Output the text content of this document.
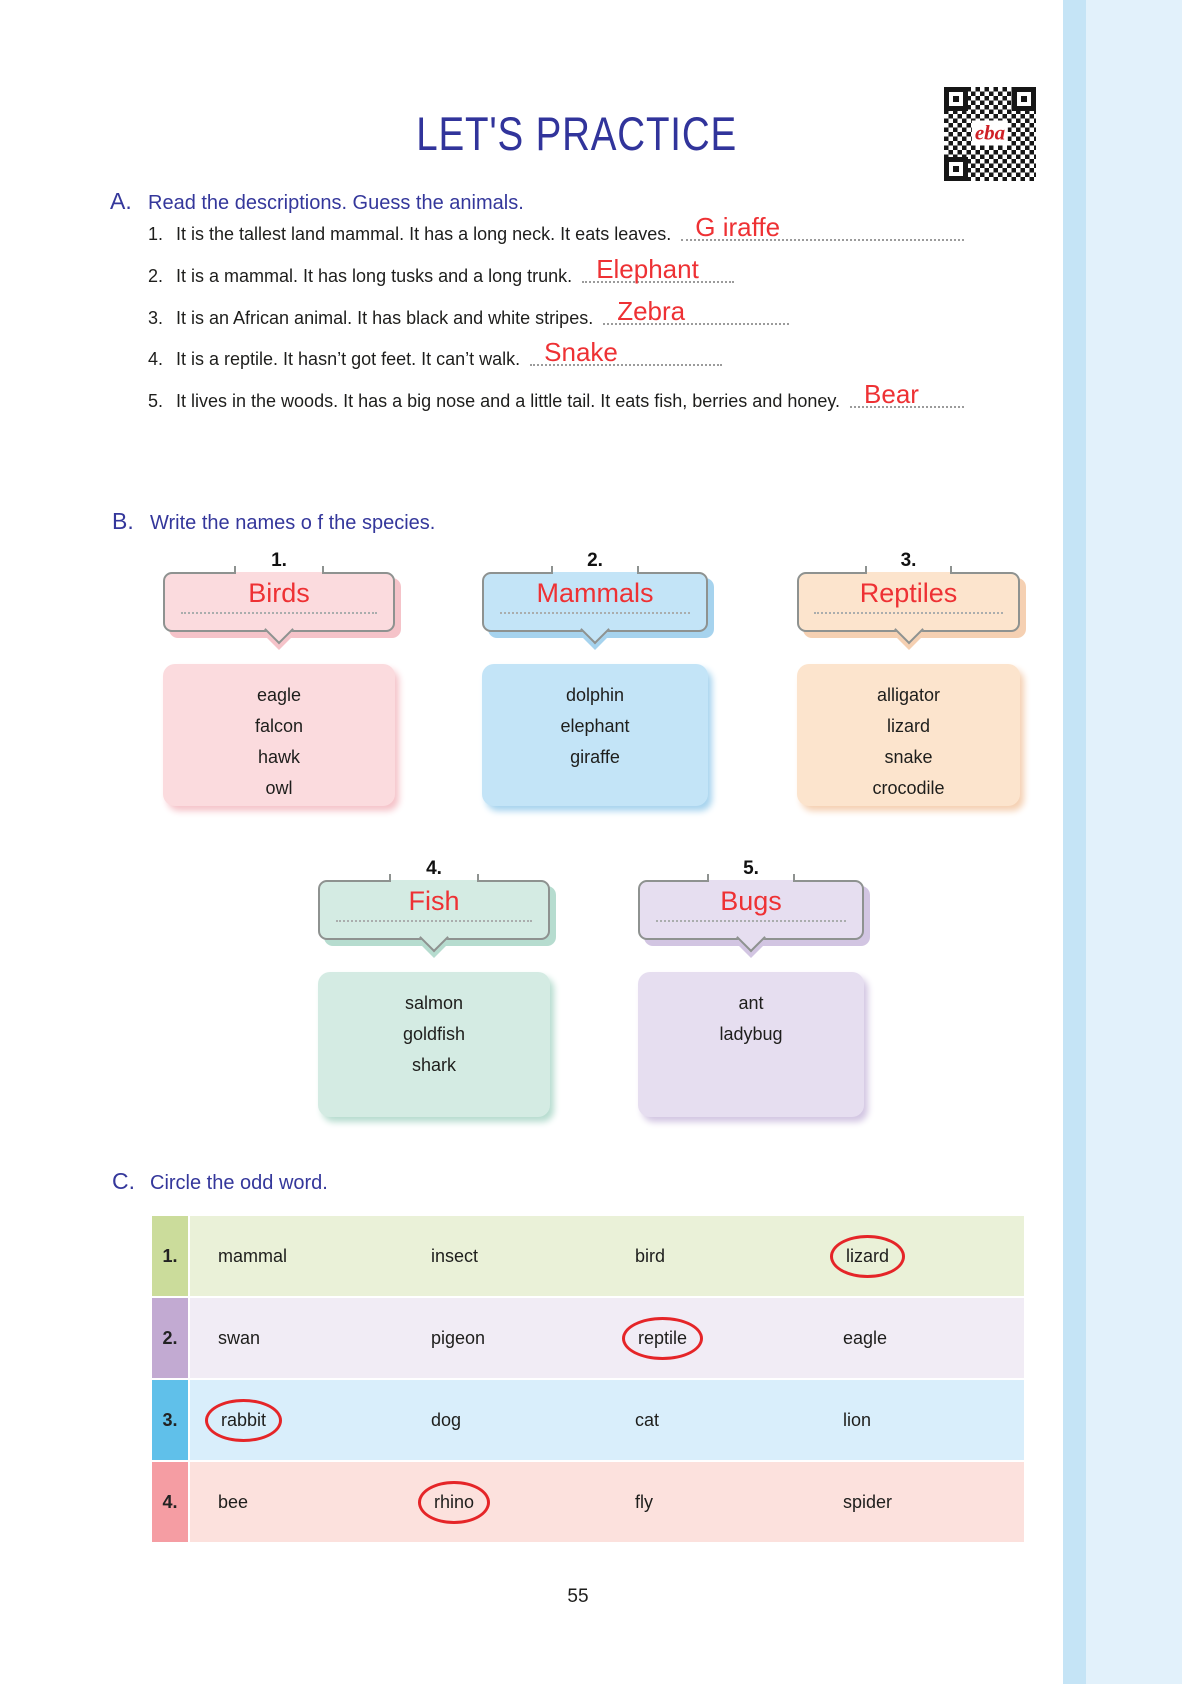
eba
LET'S PRACTICE
A. Read the descriptions. Guess the animals.
1. It is the tallest land mammal. It has a long neck. It eats leaves. G iraffe
2. It is a mammal. It has long tusks and a long trunk. Elephant
3. It is an African animal. It has black and white stripes. Zebra
4. It is a reptile. It hasn’t got feet. It can’t walk. Snake
5. It lives in the woods. It has a big nose and a little tail. It eats fish, berries and honey. Bear
B. Write the names o f the species.
1.
Birds
eagle
falcon
hawk
owl
2.
Mammals
dolphin
elephant
giraffe
3.
Reptiles
alligator
lizard
snake
crocodile
4.
Fish
salmon
goldfish
shark
5.
Bugs
ant
ladybug
C. Circle the odd word.
1.	mammal	insect	bird	lizard
2.	swan	pigeon	reptile	eagle
3.	rabbit	dog	cat	lion
4.	bee	rhino	fly	spider
55
